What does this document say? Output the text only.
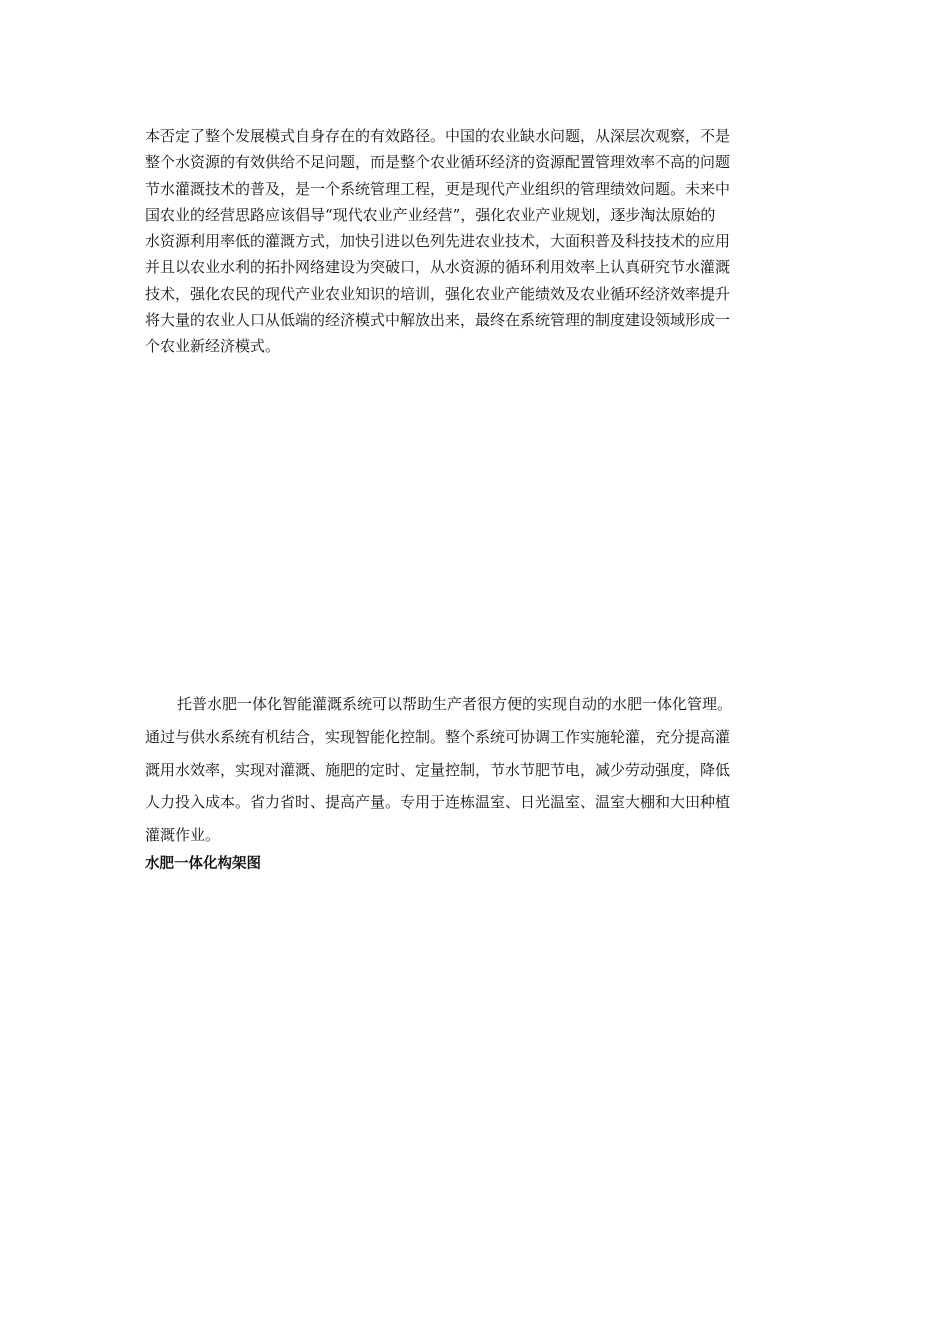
本否定了整个发展模式自身存在的有效路径。中国的农业缺水问题，从深层次观察，不是
整个水资源的有效供给不足问题，而是整个农业循环经济的资源配置管理效率不高的问题
节水灌溉技术的普及，是一个系统管理工程，更是现代产业组织的管理绩效问题。未来中
国农业的经营思路应该倡导“现代农业产业经营”，强化农业产业规划，逐步淘汰原始的
水资源利用率低的灌溉方式，加快引进以色列先进农业技术，大面积普及科技技术的应用
并且以农业水利的拓扑网络建设为突破口，从水资源的循环利用效率上认真研究节水灌溉
技术，强化农民的现代产业农业知识的培训，强化农业产能绩效及农业循环经济效率提升
将大量的农业人口从低端的经济模式中解放出来，最终在系统管理的制度建设领域形成一
个农业新经济模式。
托普水肥一体化智能灌溉系统可以帮助生产者很方便的实现自动的水肥一体化管理。
通过与供水系统有机结合，实现智能化控制。整个系统可协调工作实施轮灌，充分提高灌
溉用水效率，实现对灌溉、施肥的定时、定量控制，节水节肥节电，减少劳动强度，降低
人力投入成本。省力省时、提高产量。专用于连栋温室、日光温室、温室大棚和大田种植
灌溉作业。
水肥一体化构架图
